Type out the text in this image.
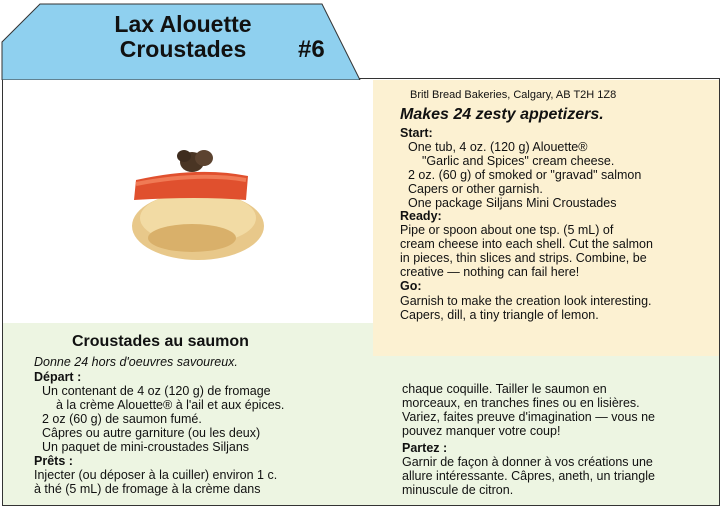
Lax Alouette
Croustades	#6
Britl Bread Bakeries, Calgary, AB T2H 1Z8
Makes 24 zesty appetizers.
Start:
One tub, 4 oz. (120 g) Alouette®
"Garlic and Spices" cream cheese.
2 oz. (60 g) of smoked or "gravad" salmon
Capers or other garnish.
One package Siljans Mini Croustades
Ready:
Pipe or spoon about one tsp. (5 mL) of
cream cheese into each shell. Cut the salmon
in pieces, thin slices and strips. Combine, be
creative — nothing can fail here!
Go:
Garnish to make the creation look interesting.
Capers, dill, a tiny triangle of lemon.
Croustades au saumon
Donne 24 hors d'oeuvres savoureux.
Départ :
Un contenant de 4 oz (120 g) de fromage
à la crème Alouette® à l'ail et aux épices.
2 oz (60 g) de saumon fumé.
Câpres ou autre garniture (ou les deux)
Un paquet de mini-croustades Siljans
Prêts :
Injecter (ou déposer à la cuiller) environ 1 c.
à thé (5 mL) de fromage à la crème dans
chaque coquille. Tailler le saumon en
morceaux, en tranches fines ou en lisières.
Variez, faites preuve d'imagination — vous ne
pouvez manquer votre coup!
Partez :
Garnir de façon à donner à vos créations une
allure intéressante. Câpres, aneth, un triangle
minuscule de citron.
